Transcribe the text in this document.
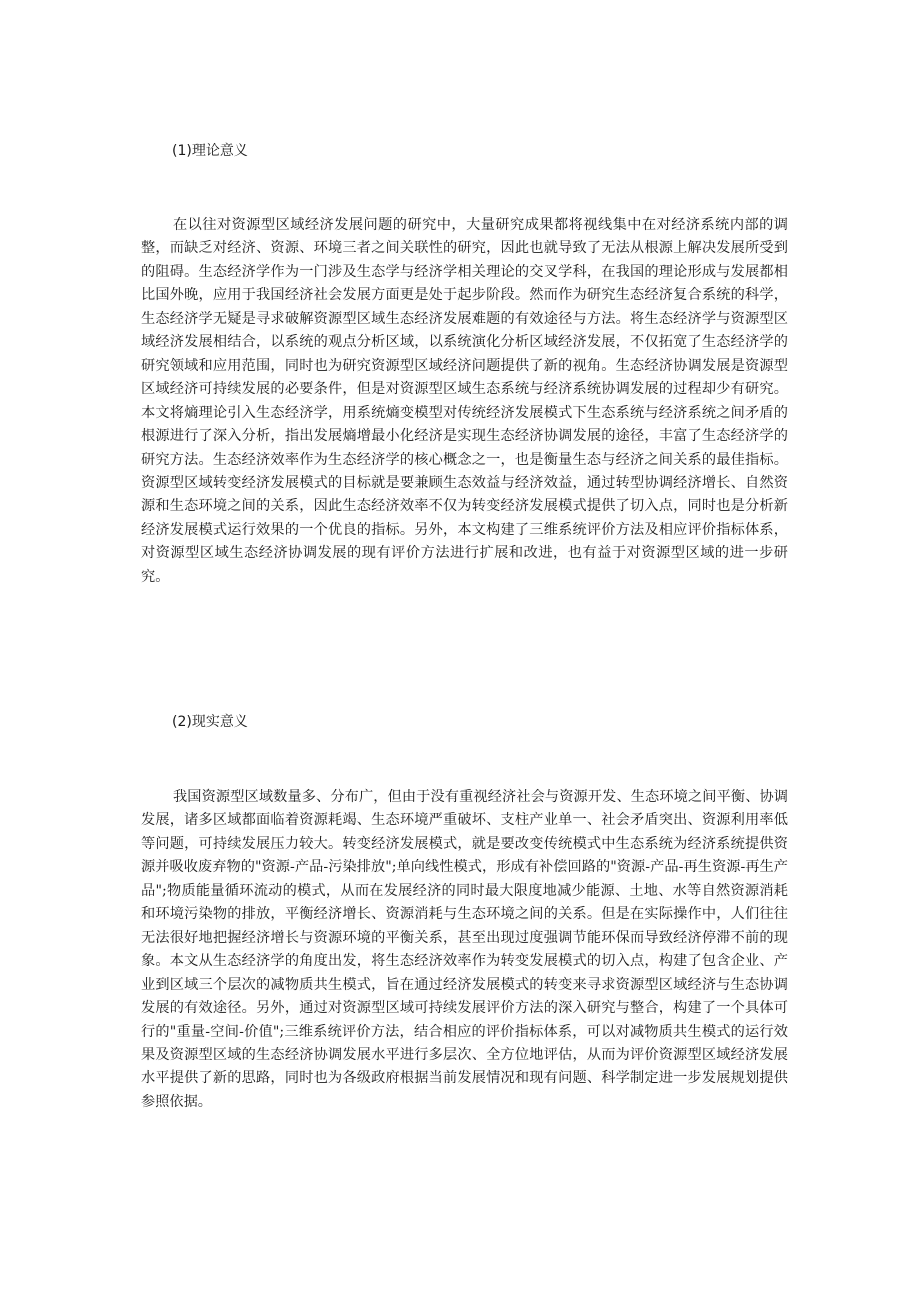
(1)理论意义

在以往对资源型区域经济发展问题的研究中，大量研究成果都将视线集中在对经济系统内部的调整，而缺乏对经济、资源、环境三者之间关联性的研究，因此也就导致了无法从根源上解决发展所受到的阻碍。生态经济学作为一门涉及生态学与经济学相关理论的交叉学科，在我国的理论形成与发展都相比国外晚，应用于我国经济社会发展方面更是处于起步阶段。然而作为研究生态经济复合系统的科学，生态经济学无疑是寻求破解资源型区域生态经济发展难题的有效途径与方法。将生态经济学与资源型区域经济发展相结合，以系统的观点分析区域，以系统演化分析区域经济发展，不仅拓宽了生态经济学的研究领域和应用范围，同时也为研究资源型区域经济问题提供了新的视角。生态经济协调发展是资源型区域经济可持续发展的必要条件，但是对资源型区域生态系统与经济系统协调发展的过程却少有研究。本文将熵理论引入生态经济学，用系统熵变模型对传统经济发展模式下生态系统与经济系统之间矛盾的根源进行了深入分析，指出发展熵增最小化经济是实现生态经济协调发展的途径，丰富了生态经济学的研究方法。生态经济效率作为生态经济学的核心概念之一，也是衡量生态与经济之间关系的最佳指标。资源型区域转变经济发展模式的目标就是要兼顾生态效益与经济效益，通过转型协调经济增长、自然资源和生态环境之间的关系，因此生态经济效率不仅为转变经济发展模式提供了切入点，同时也是分析新经济发展模式运行效果的一个优良的指标。另外，本文构建了三维系统评价方法及相应评价指标体系，对资源型区域生态经济协调发展的现有评价方法进行扩展和改进，也有益于对资源型区域的进一步研究。

(2)现实意义

我国资源型区域数量多、分布广，但由于没有重视经济社会与资源开发、生态环境之间平衡、协调发展，诸多区域都面临着资源耗竭、生态环境严重破坏、支柱产业单一、社会矛盾突出、资源利用率低等问题，可持续发展压力较大。转变经济发展模式，就是要改变传统模式中生态系统为经济系统提供资源并吸收废弃物的"资源-产品-污染排放";单向线性模式，形成有补偿回路的"资源-产品-再生资源-再生产品";物质能量循环流动的模式，从而在发展经济的同时最大限度地减少能源、土地、水等自然资源消耗和环境污染物的排放，平衡经济增长、资源消耗与生态环境之间的关系。但是在实际操作中，人们往往无法很好地把握经济增长与资源环境的平衡关系，甚至出现过度强调节能环保而导致经济停滞不前的现象。本文从生态经济学的角度出发，将生态经济效率作为转变发展模式的切入点，构建了包含企业、产业到区域三个层次的减物质共生模式，旨在通过经济发展模式的转变来寻求资源型区域经济与生态协调发展的有效途径。另外，通过对资源型区域可持续发展评价方法的深入研究与整合，构建了一个具体可行的"重量-空间-价值";三维系统评价方法，结合相应的评价指标体系，可以对减物质共生模式的运行效果及资源型区域的生态经济协调发展水平进行多层次、全方位地评估，从而为评价资源型区域经济发展水平提供了新的思路，同时也为各级政府根据当前发展情况和现有问题、科学制定进一步发展规划提供参照依据。
